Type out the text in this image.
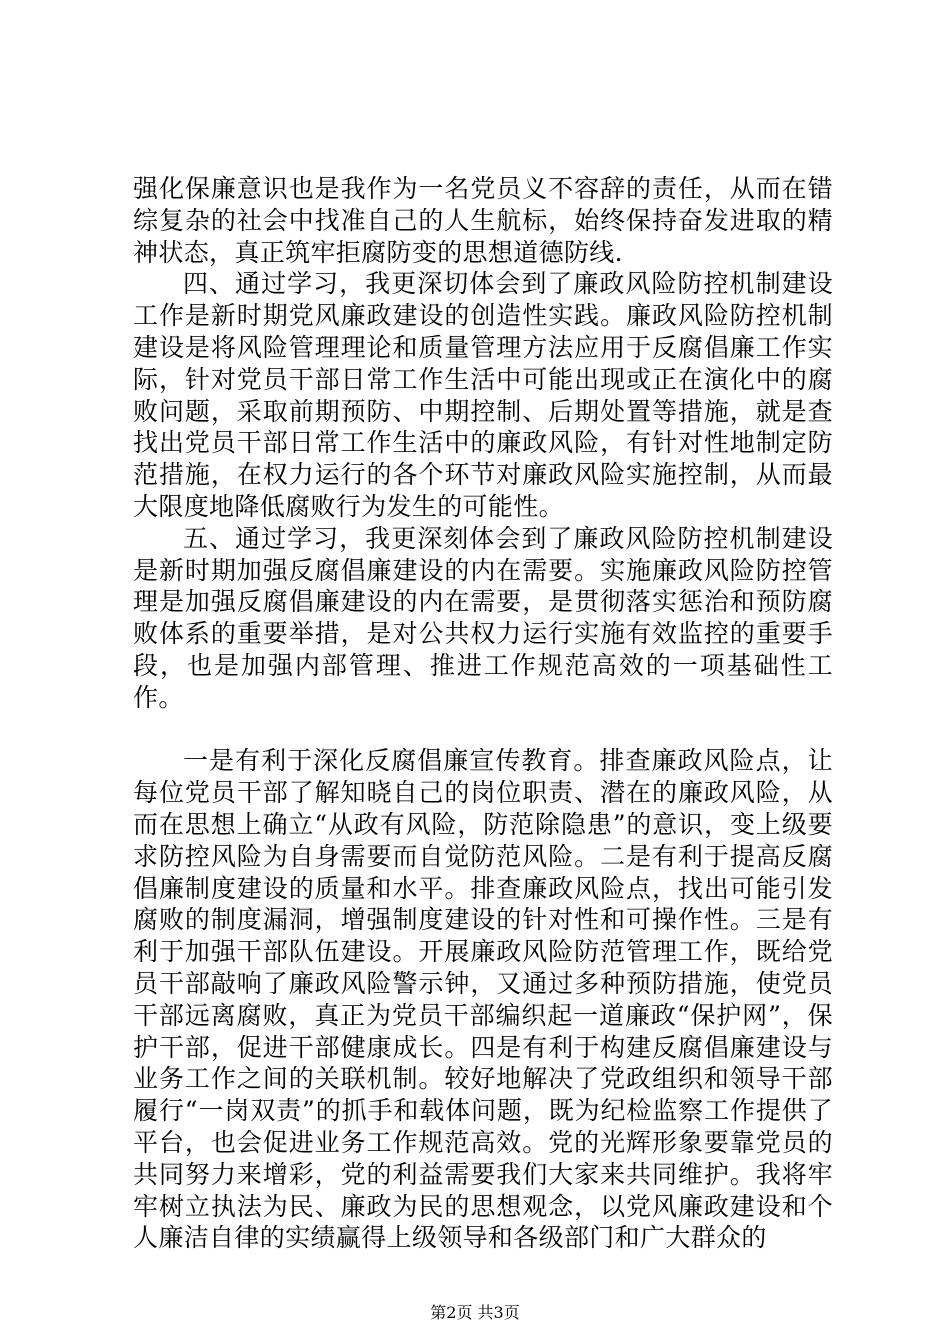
强化保廉意识也是我作为一名党员义不容辞的责任，从而在错综复杂的社会中找准自己的人生航标，始终保持奋发进取的精神状态，真正筑牢拒腐防变的思想道德防线.

四、通过学习，我更深切体会到了廉政风险防控机制建设工作是新时期党风廉政建设的创造性实践。廉政风险防控机制建设是将风险管理理论和质量管理方法应用于反腐倡廉工作实际，针对党员干部日常工作生活中可能出现或正在演化中的腐败问题，采取前期预防、中期控制、后期处置等措施，就是查找出党员干部日常工作生活中的廉政风险，有针对性地制定防范措施，在权力运行的各个环节对廉政风险实施控制，从而最大限度地降低腐败行为发生的可能性。

五、通过学习，我更深刻体会到了廉政风险防控机制建设是新时期加强反腐倡廉建设的内在需要。实施廉政风险防控管理是加强反腐倡廉建设的内在需要，是贯彻落实惩治和预防腐败体系的重要举措，是对公共权力运行实施有效监控的重要手段，也是加强内部管理、推进工作规范高效的一项基础性工作。

一是有利于深化反腐倡廉宣传教育。排查廉政风险点，让每位党员干部了解知晓自己的岗位职责、潜在的廉政风险，从而在思想上确立“从政有风险，防范除隐患”的意识，变上级要求防控风险为自身需要而自觉防范风险。二是有利于提高反腐倡廉制度建设的质量和水平。排查廉政风险点，找出可能引发腐败的制度漏洞，增强制度建设的针对性和可操作性。三是有利于加强干部队伍建设。开展廉政风险防范管理工作，既给党员干部敲响了廉政风险警示钟，又通过多种预防措施，使党员干部远离腐败，真正为党员干部编织起一道廉政“保护网”，保护干部，促进干部健康成长。四是有利于构建反腐倡廉建设与业务工作之间的关联机制。较好地解决了党政组织和领导干部履行“一岗双责”的抓手和载体问题，既为纪检监察工作提供了平台，也会促进业务工作规范高效。党的光辉形象要靠党员的共同努力来增彩，党的利益需要我们大家来共同维护。我将牢牢树立执法为民、廉政为民的思想观念，以党风廉政建设和个人廉洁自律的实绩赢得上级领导和各级部门和广大群众的

第2页 共3页
